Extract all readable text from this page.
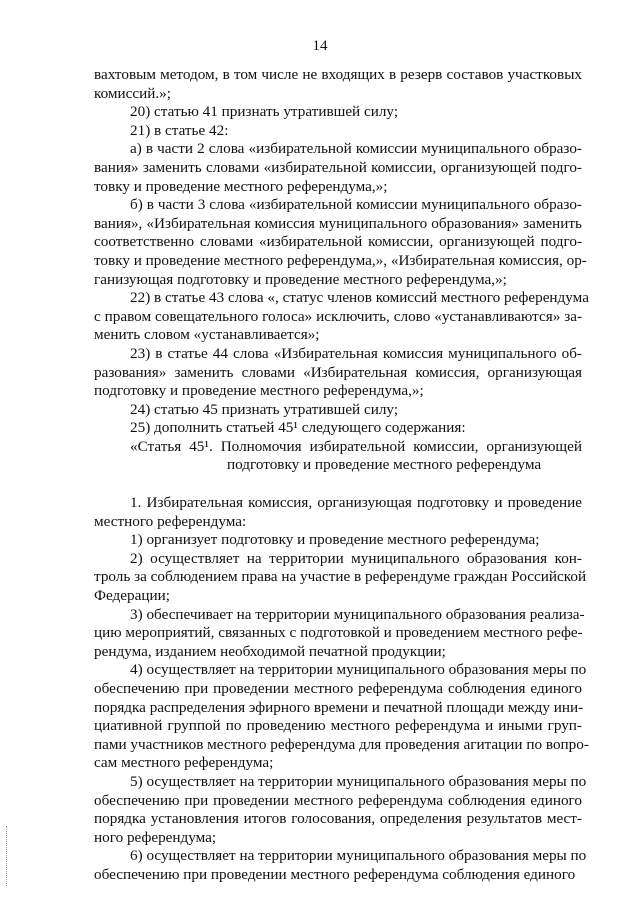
14
вахтовым методом, в том числе не входящих в резерв составов участковых
комиссий.»;
20) статью 41 признать утратившей силу;
21) в статье 42:
а) в части 2 слова «избирательной комиссии муниципального образо-
вания» заменить словами «избирательной комиссии, организующей подго-
товку и проведение местного референдума,»;
б) в части 3 слова «избирательной комиссии муниципального образо-
вания», «Избирательная комиссия муниципального образования» заменить
соответственно словами «избирательной комиссии, организующей подго-
товку и проведение местного референдума,», «Избирательная комиссия, ор-
ганизующая подготовку и проведение местного референдума,»;
22) в статье 43 слова «, статус членов комиссий местного референдума
с правом совещательного голоса» исключить, слово «устанавливаются» за-
менить словом «устанавливается»;
23) в статье 44 слова «Избирательная комиссия муниципального об-
разования» заменить словами «Избирательная комиссия, организующая
подготовку и проведение местного референдума,»;
24) статью 45 признать утратившей силу;
25) дополнить статьей 45¹ следующего содержания:
«Статья 45¹. Полномочия избирательной комиссии, организующей
подготовку и проведение местного референдума
1. Избирательная комиссия, организующая подготовку и проведение
местного референдума:
1) организует подготовку и проведение местного референдума;
2) осуществляет на территории муниципального образования кон-
троль за соблюдением права на участие в референдуме граждан Российской
Федерации;
3) обеспечивает на территории муниципального образования реализа-
цию мероприятий, связанных с подготовкой и проведением местного рефе-
рендума, изданием необходимой печатной продукции;
4) осуществляет на территории муниципального образования меры по
обеспечению при проведении местного референдума соблюдения единого
порядка распределения эфирного времени и печатной площади между ини-
циативной группой по проведению местного референдума и иными груп-
пами участников местного референдума для проведения агитации по вопро-
сам местного референдума;
5) осуществляет на территории муниципального образования меры по
обеспечению при проведении местного референдума соблюдения единого
порядка установления итогов голосования, определения результатов мест-
ного референдума;
6) осуществляет на территории муниципального образования меры по
обеспечению при проведении местного референдума соблюдения единого
